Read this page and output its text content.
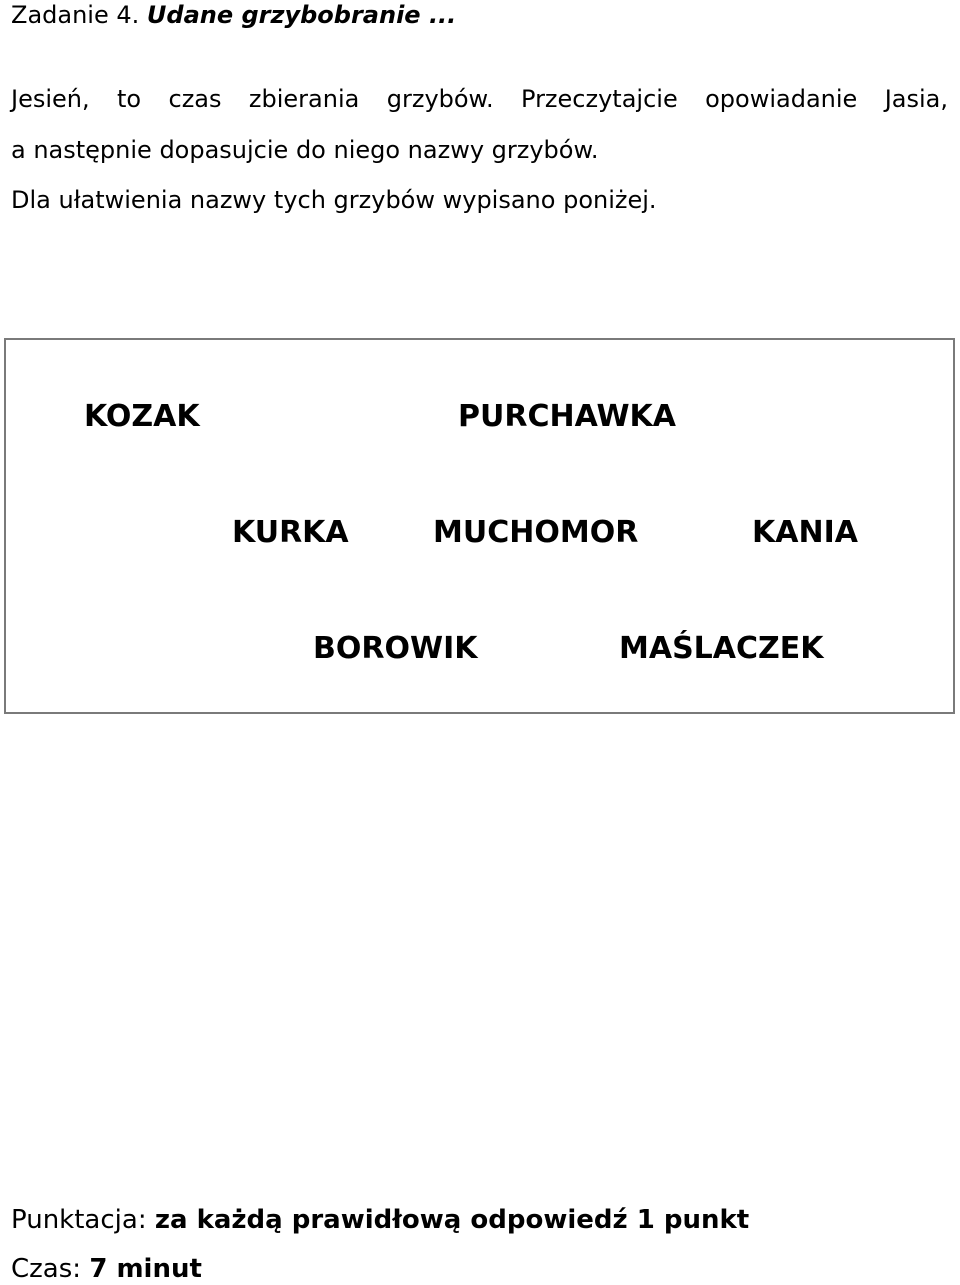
Zadanie 4. Udane grzybobranie ...

Jesień, to czas zbierania grzybów. Przeczytajcie opowiadanie Jasia,

a następnie dopasujcie do niego nazwy grzybów.

Dla ułatwienia nazwy tych grzybów wypisano poniżej.

KOZAK	PURCHAWKA
KURKA	MUCHOMOR	KANIA
BOROWIK	MAŚLACZEK

Punktacja: za każdą prawidłową odpowiedź 1 punkt

Czas: 7 minut
